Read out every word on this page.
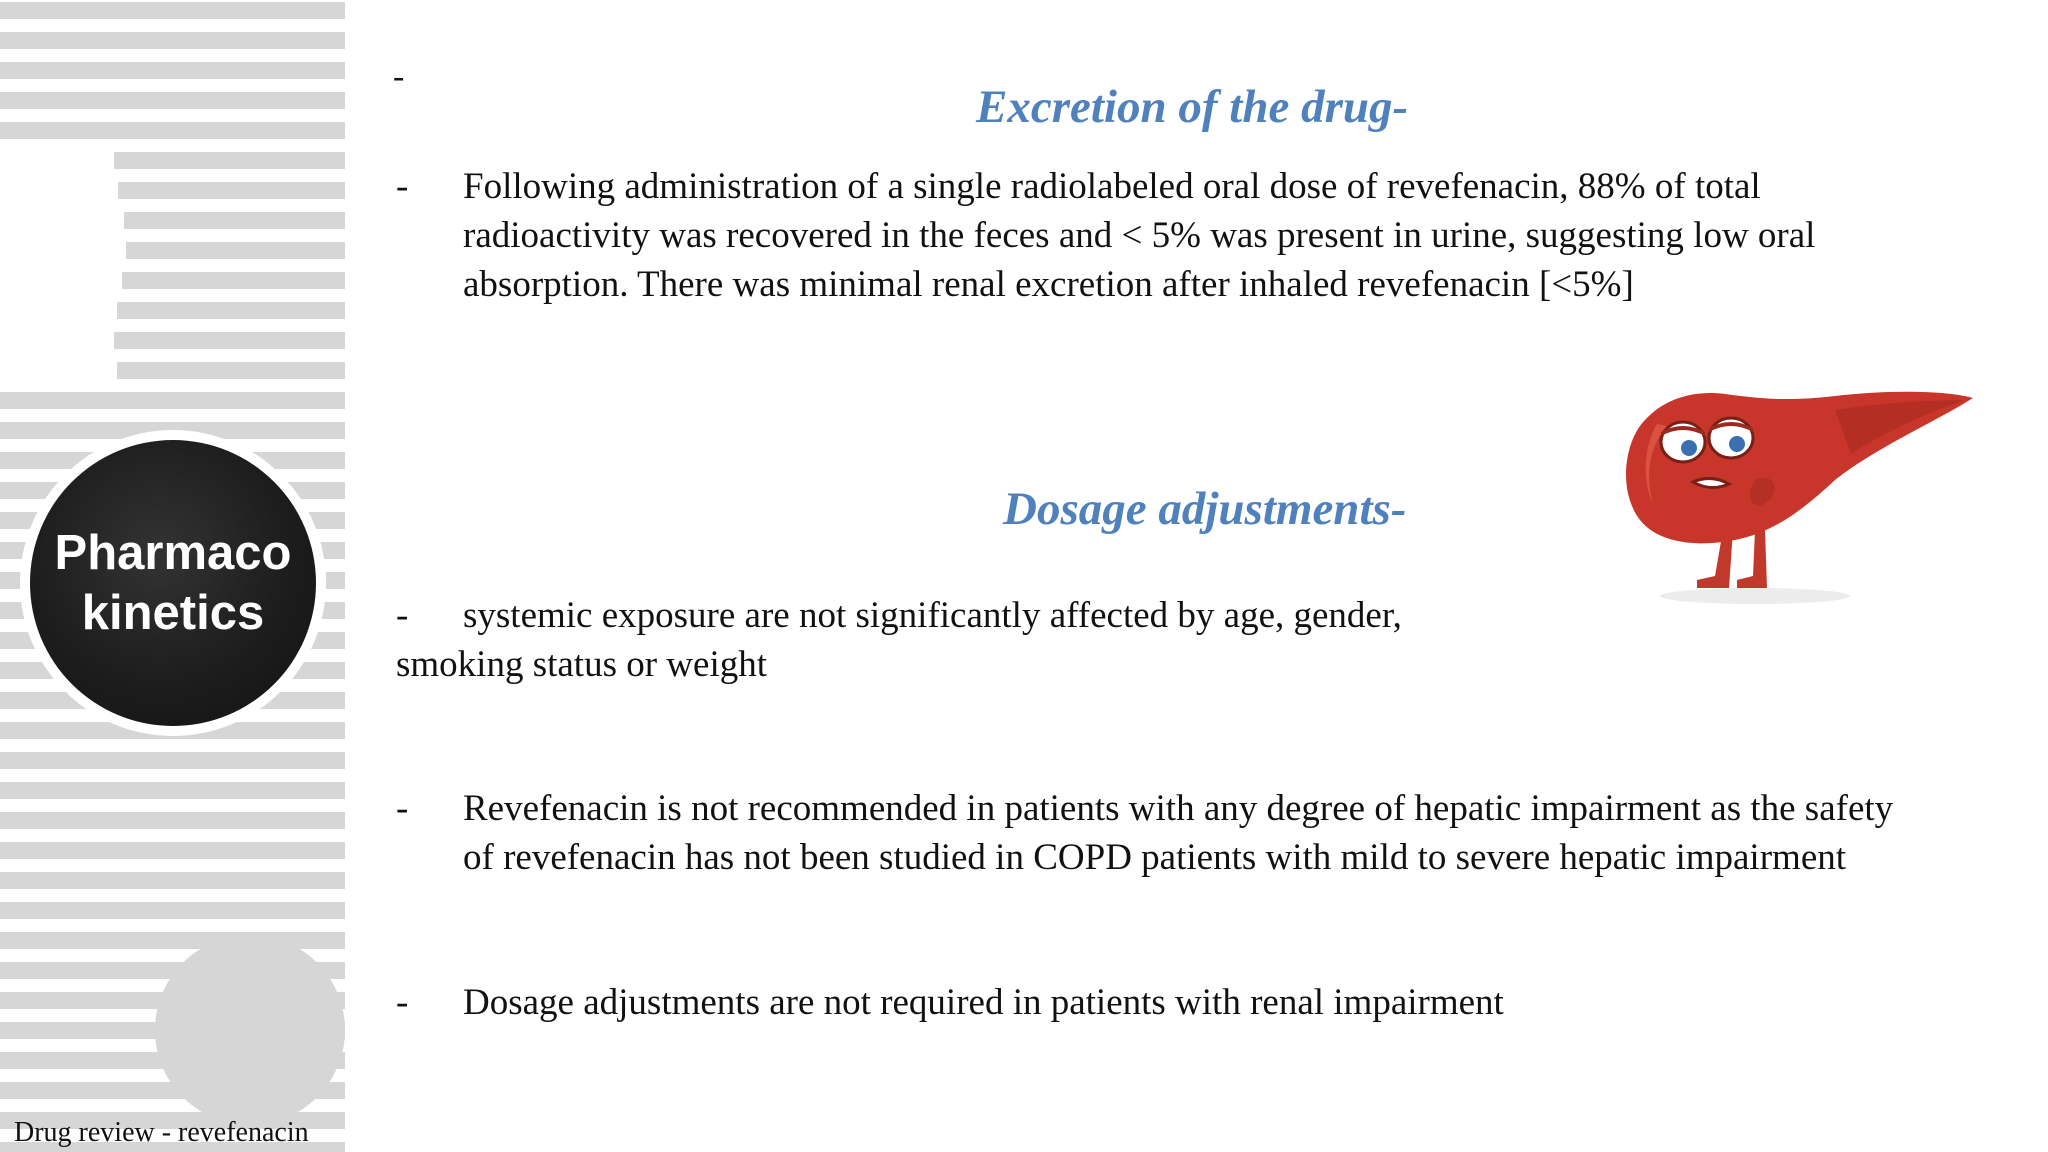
Pharmaco
kinetics
Drug review - revefenacin
-
Excretion of the drug-
- Following administration of a single radiolabeled oral dose of revefenacin, 88% of total
radioactivity was recovered in the feces and < 5% was present in urine, suggesting low oral
absorption. There was minimal renal excretion after inhaled revefenacin [<5%]
Dosage adjustments-
-	systemic exposure are not significantly affected by age, gender,
smoking status or weight
- Revefenacin is not recommended in patients with any degree of hepatic impairment as the safety
of revefenacin has not been studied in COPD patients with mild to severe hepatic impairment
- Dosage adjustments are not required in patients with renal impairment
